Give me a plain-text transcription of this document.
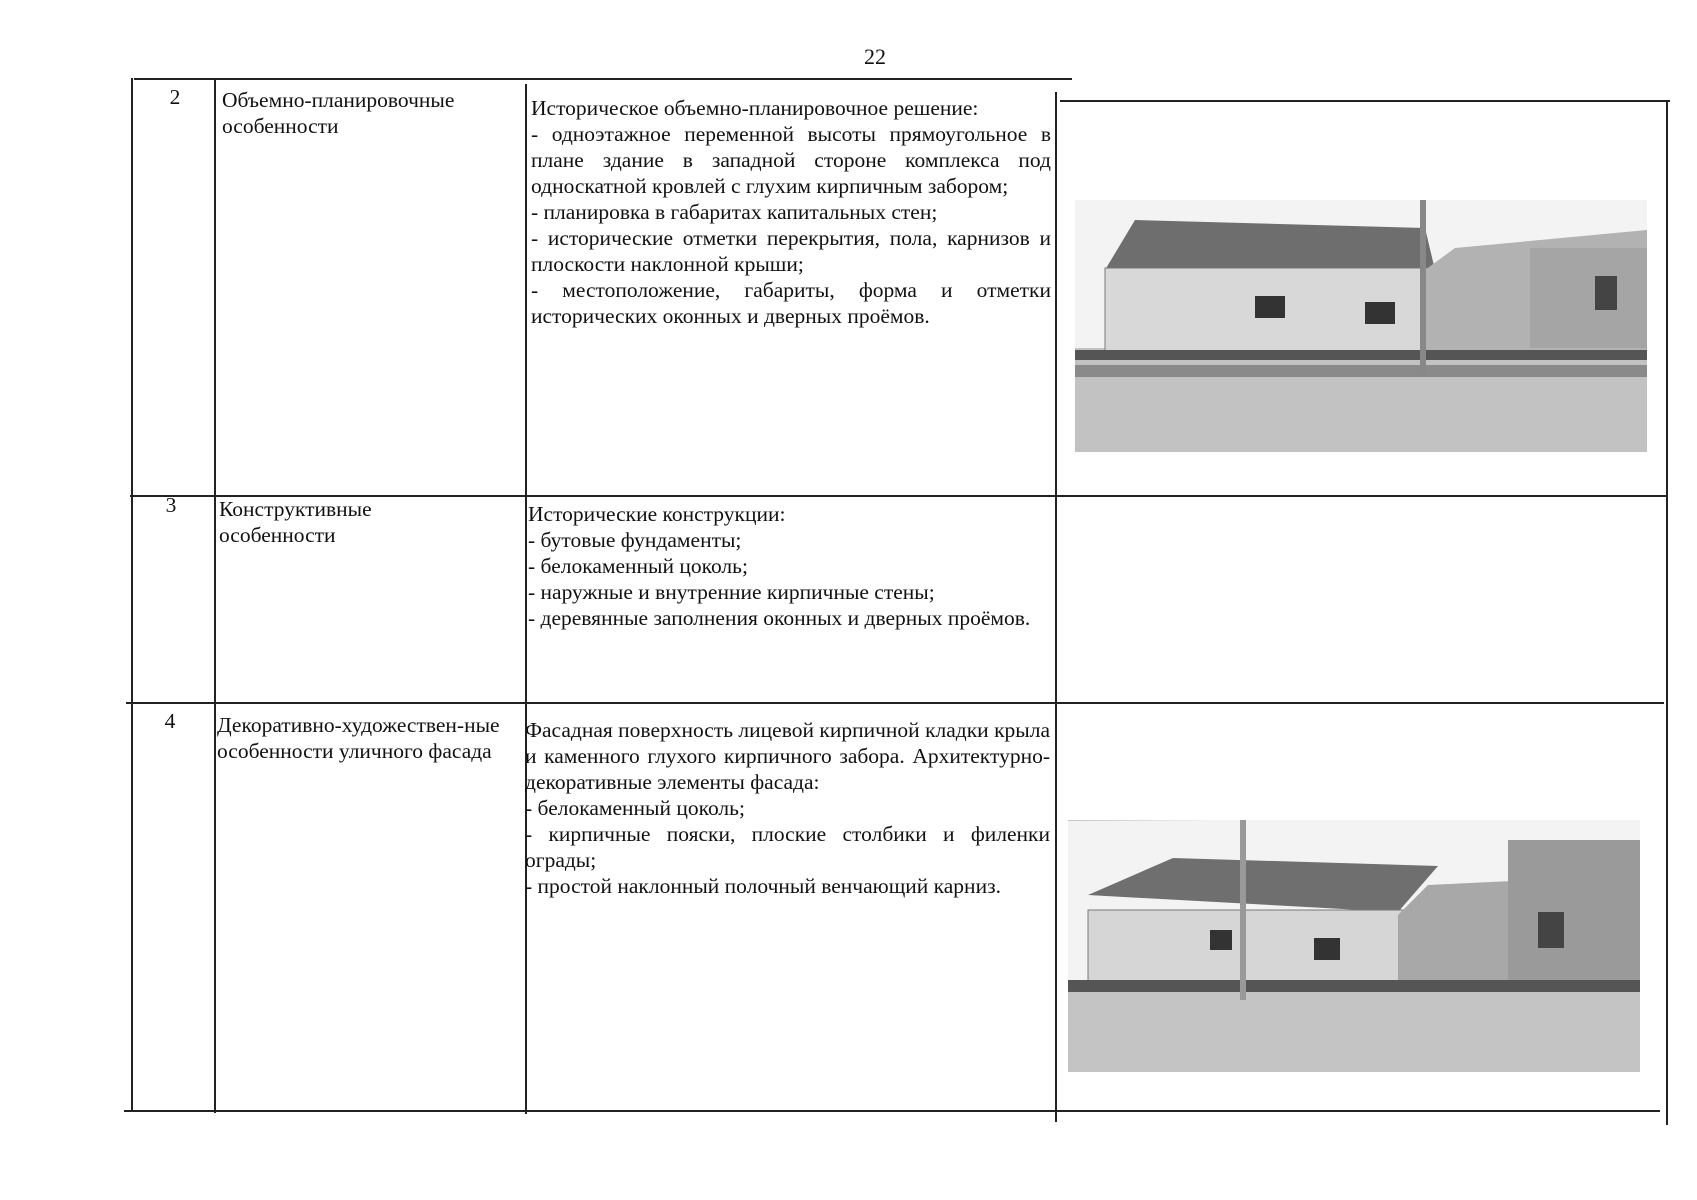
22
2	Объемно-планировочные особенности

Историческое объемно-планировочное решение:

- одноэтажное переменной высоты прямоугольное в плане здание в западной стороне комплекса под односкатной кровлей с глухим кирпичным забором;

- планировка в габаритах капитальных стен;

- исторические отметки перекрытия, пола, карнизов и плоскости наклонной крыши;

- местоположение, габариты, форма и отметки исторических оконных и дверных проёмов.

3	Конструктивные особенности

Исторические конструкции:

- бутовые фундаменты;

- белокаменный цоколь;

- наружные и внутренние кирпичные стены;

- деревянные заполнения оконных и дверных проёмов.

4	Декоративно-художествен-ные особенности уличного фасада

Фасадная поверхность лицевой кирпичной кладки крыла и каменного глухого кирпичного забора. Архитектурно-декоративные элементы фасада:

- белокаменный цоколь;

- кирпичные пояски, плоские столбики и филенки ограды;

- простой наклонный полочный венчающий карниз.
